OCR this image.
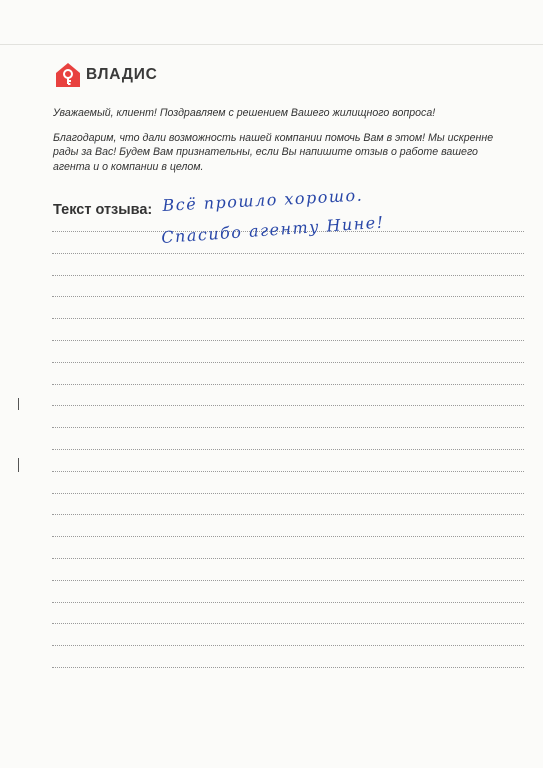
ВЛАДИС

Уважаемый, клиент! Поздравляем с решением Вашего жилищного вопроса!

Благодарим, что дали возможность нашей компании помочь Вам в этом! Мы искренне рады за Вас! Будем Вам признательны, если Вы напишите отзыв о работе вашего агента и о компании в целом.

Текст отзыва: Всё прошло хорошо.
Спасибо агенту Нине!
